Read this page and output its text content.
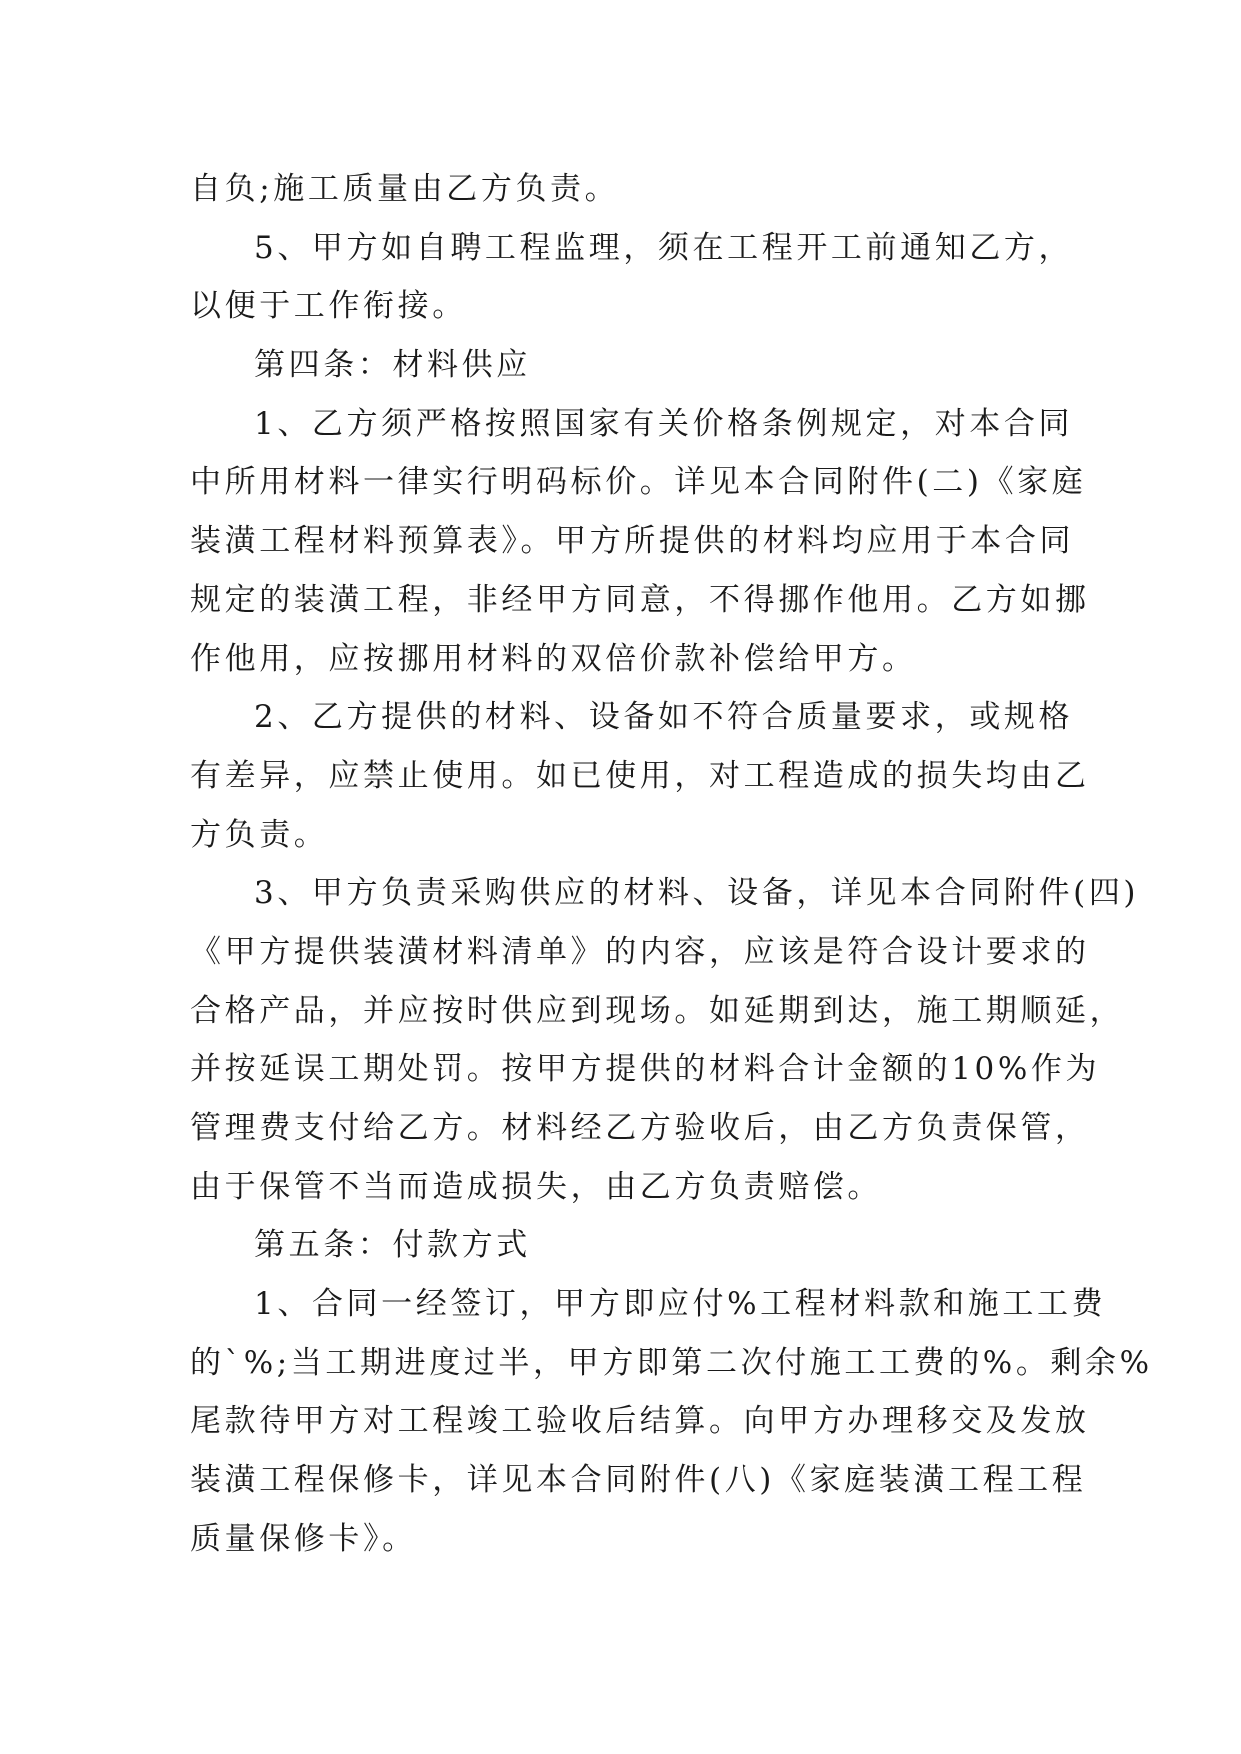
自负;施工质量由乙方负责。
5、甲方如自聘工程监理，须在工程开工前通知乙方，
以便于工作衔接。
第四条：材料供应
1、乙方须严格按照国家有关价格条例规定，对本合同
中所用材料一律实行明码标价。详见本合同附件(二)《家庭
装潢工程材料预算表》。甲方所提供的材料均应用于本合同
规定的装潢工程，非经甲方同意，不得挪作他用。乙方如挪
作他用，应按挪用材料的双倍价款补偿给甲方。
2、乙方提供的材料、设备如不符合质量要求，或规格
有差异，应禁止使用。如已使用，对工程造成的损失均由乙
方负责。
3、甲方负责采购供应的材料、设备，详见本合同附件(四)
《甲方提供装潢材料清单》的内容，应该是符合设计要求的
合格产品，并应按时供应到现场。如延期到达，施工期顺延，
并按延误工期处罚。按甲方提供的材料合计金额的10%作为
管理费支付给乙方。材料经乙方验收后，由乙方负责保管，
由于保管不当而造成损失，由乙方负责赔偿。
第五条：付款方式
1、合同一经签订，甲方即应付%工程材料款和施工工费
的`%;当工期进度过半，甲方即第二次付施工工费的%。剩余%
尾款待甲方对工程竣工验收后结算。向甲方办理移交及发放
装潢工程保修卡，详见本合同附件(八)《家庭装潢工程工程
质量保修卡》。
